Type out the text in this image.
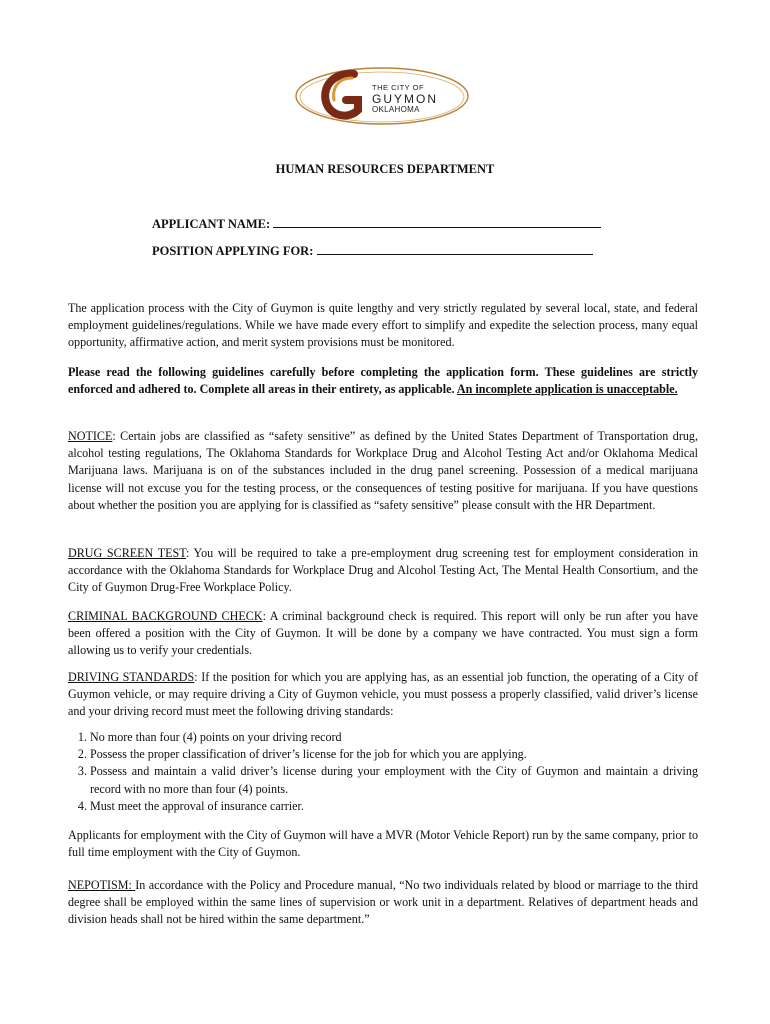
THE CITY OF
GUYMON
OKLAHOMA
HUMAN RESOURCES DEPARTMENT
APPLICANT NAME:
POSITION APPLYING FOR:

The application process with the City of Guymon is quite lengthy and very strictly regulated by several local, state, and federal employment guidelines/regulations. While we have made every effort to simplify and expedite the selection process, many equal opportunity, affirmative action, and merit system provisions must be monitored.

Please read the following guidelines carefully before completing the application form. These guidelines are strictly enforced and adhered to. Complete all areas in their entirety, as applicable. An incomplete application is unacceptable.

NOTICE: Certain jobs are classified as “safety sensitive” as defined by the United States Department of Transportation drug, alcohol testing regulations, The Oklahoma Standards for Workplace Drug and Alcohol Testing Act and/or Oklahoma Medical Marijuana laws. Marijuana is on of the substances included in the drug panel screening. Possession of a medical marijuana license will not excuse you for the testing process, or the consequences of testing positive for marijuana. If you have questions about whether the position you are applying for is classified as “safety sensitive” please consult with the HR Department.

DRUG SCREEN TEST: You will be required to take a pre-employment drug screening test for employment consideration in accordance with the Oklahoma Standards for Workplace Drug and Alcohol Testing Act, The Mental Health Consortium, and the City of Guymon Drug-Free Workplace Policy.

CRIMINAL BACKGROUND CHECK: A criminal background check is required. This report will only be run after you have been offered a position with the City of Guymon. It will be done by a company we have contracted. You must sign a form allowing us to verify your credentials.

DRIVING STANDARDS: If the position for which you are applying has, as an essential job function, the operating of a City of Guymon vehicle, or may require driving a City of Guymon vehicle, you must possess a properly classified, valid driver’s license and your driving record must meet the following driving standards:

1. No more than four (4) points on your driving record
2. Possess the proper classification of driver’s license for the job for which you are applying.
3. Possess and maintain a valid driver’s license during your employment with the City of Guymon and maintain a driving record with no more than four (4) points.
4. Must meet the approval of insurance carrier.

Applicants for employment with the City of Guymon will have a MVR (Motor Vehicle Report) run by the same company, prior to full time employment with the City of Guymon.

NEPOTISM: In accordance with the Policy and Procedure manual, “No two individuals related by blood or marriage to the third degree shall be employed within the same lines of supervision or work unit in a department. Relatives of department heads and division heads shall not be hired within the same department.”
